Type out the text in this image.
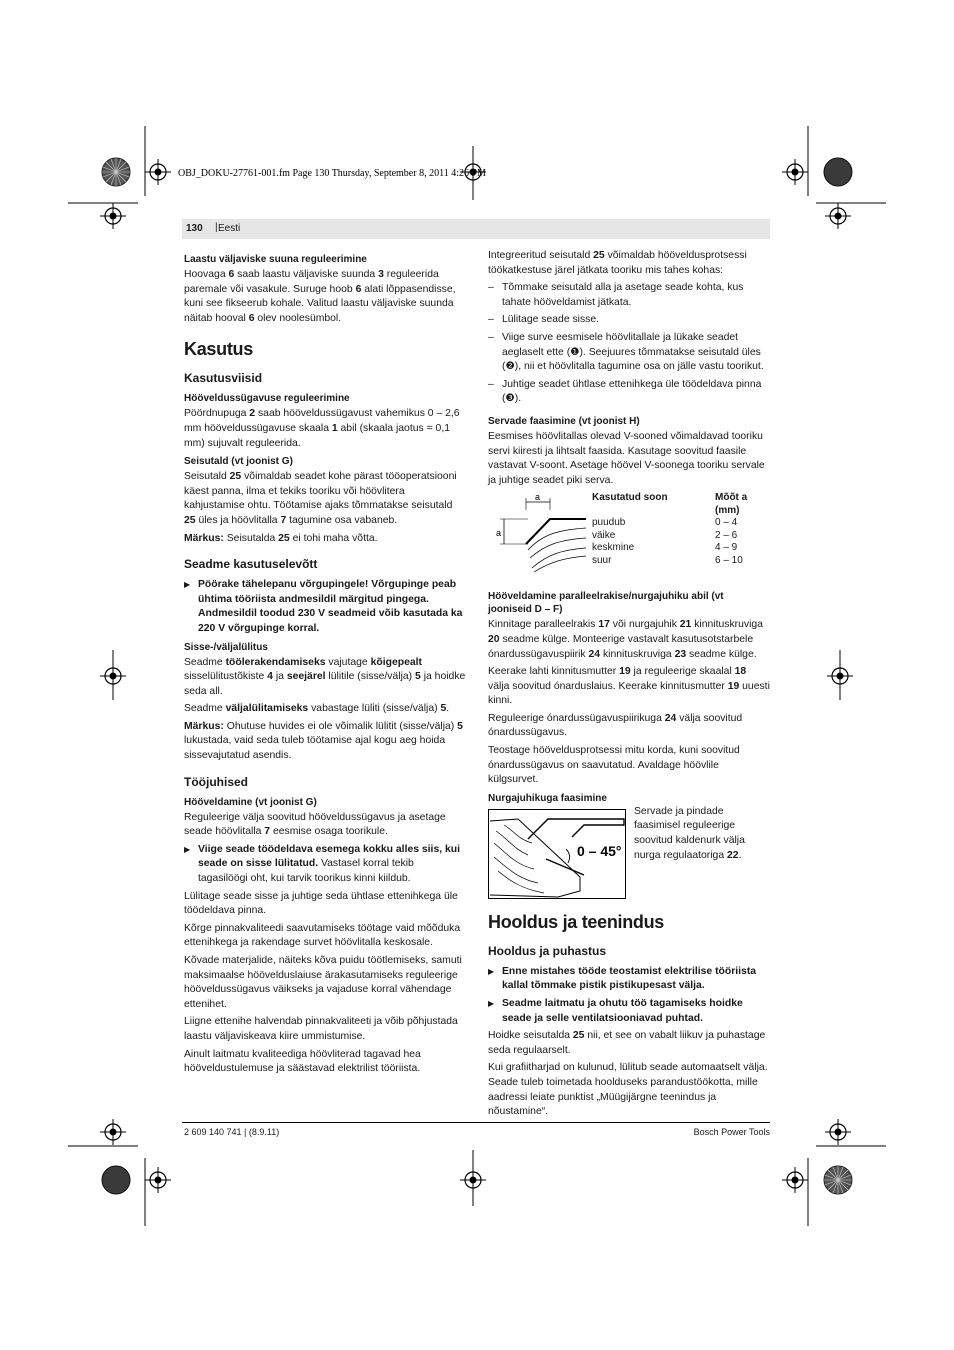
OBJ_DOKU-27761-001.fm Page 130 Thursday, September 8, 2011 4:26 PM
130 | Eesti

Laastu väljaviske suuna reguleerimine

Hoovaga 6 saab laastu väljaviske suunda 3 reguleerida paremale või vasakule. Suruge hoob 6 alati lõppasendisse, kuni see fikseerub kohale. Valitud laastu väljaviske suunda näitab hooval 6 olev noolesümbol.

Kasutus

Kasutusviisid

Hööveldussügavuse reguleerimine

Pöördnupuga 2 saab hööveldussügavust vahemikus 0 – 2,6 mm hööveldussügavuse skaala 1 abil (skaala jaotus = 0,1 mm) sujuvalt reguleerida.

Seisutald (vt joonist G)

Seisutald 25 võimaldab seadet kohe pärast tööoperatsiooni käest panna, ilma et tekiks tooriku või höövlitera kahjustamise ohtu. Töötamise ajaks tõmmatakse seisutald 25 üles ja höövlitalla 7 tagumine osa vabaneb.

Märkus: Seisutalda 25 ei tohi maha võtta.

Seadme kasutuselevõtt

▶ Pöörake tähelepanu võrgupingele! Võrgupinge peab ühtima tööriista andmesildil märgitud pingega. Andmesildil toodud 230 V seadmeid võib kasutada ka 220 V võrgupinge korral.

Sisse-/väljalülitus

Seadme töölerakendamiseks vajutage kõigepealt sisselülitustõkiste 4 ja seejärel lülitile (sisse/välja) 5 ja hoidke seda all.

Seadme väljalülitamiseks vabastage lüliti (sisse/välja) 5.

Märkus: Ohutuse huvides ei ole võimalik lülitit (sisse/välja) 5 lukustada, vaid seda tuleb töötamise ajal kogu aeg hoida sissevajutatud asendis.

Tööjuhised

Hööveldamine (vt joonist G)

Reguleerige välja soovitud hööveldussügavus ja asetage seade höövlitalla 7 eesmise osaga toorikule.

▶ Viige seade töödeldava esemega kokku alles siis, kui seade on sisse lülitatud. Vastasel korral tekib tagasilöögi oht, kui tarvik toorikus kinni kiildub.

Lülitage seade sisse ja juhtige seda ühtlase ettenihkega üle töödeldava pinna.

Kõrge pinnakvaliteedi saavutamiseks töötage vaid mõõduka ettenihkega ja rakendage survet höövlitalla keskosale.

Kõvade materjalide, näiteks kõva puidu töötlemiseks, samuti maksimaalse höövelduslaiuse ärakasutamiseks reguleerige hööveldussügavus väikseks ja vajaduse korral vähendage ettenihet.

Liigne ettenihe halvendab pinnakvaliteeti ja võib põhjustada laastu väljaviskeava kiire ummistumise.

Ainult laitmatu kvaliteediga höövliterad tagavad hea hööveldustulemuse ja säästavad elektrilist tööriista.

Integreeritud seisutald 25 võimaldab hööveldusprotsessi töökatkestuse järel jätkata tooriku mis tahes kohas:

– Tõmmake seisutald alla ja asetage seade kohta, kus tahate hööveldamist jätkata.

– Lülitage seade sisse.

– Viige surve eesmisele höövlitallale ja lükake seadet aeglaselt ette (❶). Seejuures tõmmatakse seisutald üles (❷), nii et höövlitalla tagumine osa on jälle vastu toorikut.

– Juhtige seadet ühtlase ettenihkega üle töödeldava pinna (❸).

Servade faasimine (vt joonist H)

Eesmises höövlitallas olevad V-sooned võimaldavad tooriku servi kiiresti ja lihtsalt faasida. Kasutage soovitud faasile vastavat V-soont. Asetage höövel V-soonega tooriku servale ja juhtige seadet piki serva.

a
a
Kasutatud soon	Mõõt a (mm)
puudub	0 – 4
väike	2 – 6
keskmine	4 – 9
suur	6 – 10

Hööveldamine paralleelrakise/nurgajuhiku abil (vt jooniseid D – F)

Kinnitage paralleelrakis 17 või nurgajuhik 21 kinnituskruviga 20 seadme külge. Monteerige vastavalt kasutusotstarbele ónardussügavuspiirik 24 kinnituskruviga 23 seadme külge.

Keerake lahti kinnitusmutter 19 ja reguleerige skaalal 18 välja soovitud ónarduslaius. Keerake kinnitusmutter 19 uuesti kinni.

Reguleerige ónardussügavuspiirikuga 24 välja soovitud ónardussügavus.

Teostage hööveldusprotsessi mitu korda, kuni soovitud ónardussügavus on saavutatud. Avaldage höövlile külgsurvet.

Nurgajuhikuga faasimine

0 – 45°

Servade ja pindade faasimisel reguleerige soovitud kaldenurk välja nurga regulaatoriga 22.

Hooldus ja teenindus

Hooldus ja puhastus

▶ Enne mistahes tööde teostamist elektrilise tööriista kallal tõmmake pistik pistikupesast välja.

▶ Seadme laitmatu ja ohutu töö tagamiseks hoidke seade ja selle ventilatsiooniavad puhtad.

Hoidke seisutalda 25 nii, et see on vabalt liikuv ja puhastage seda regulaarselt.

Kui grafiitharjad on kulunud, lülitub seade automaatselt välja. Seade tuleb toimetada hoolduseks parandustöökotta, mille aadressi leiate punktist „Müügijärgne teenindus ja nõustamine“.

2 609 140 741 | (8.9.11)	Bosch Power Tools
